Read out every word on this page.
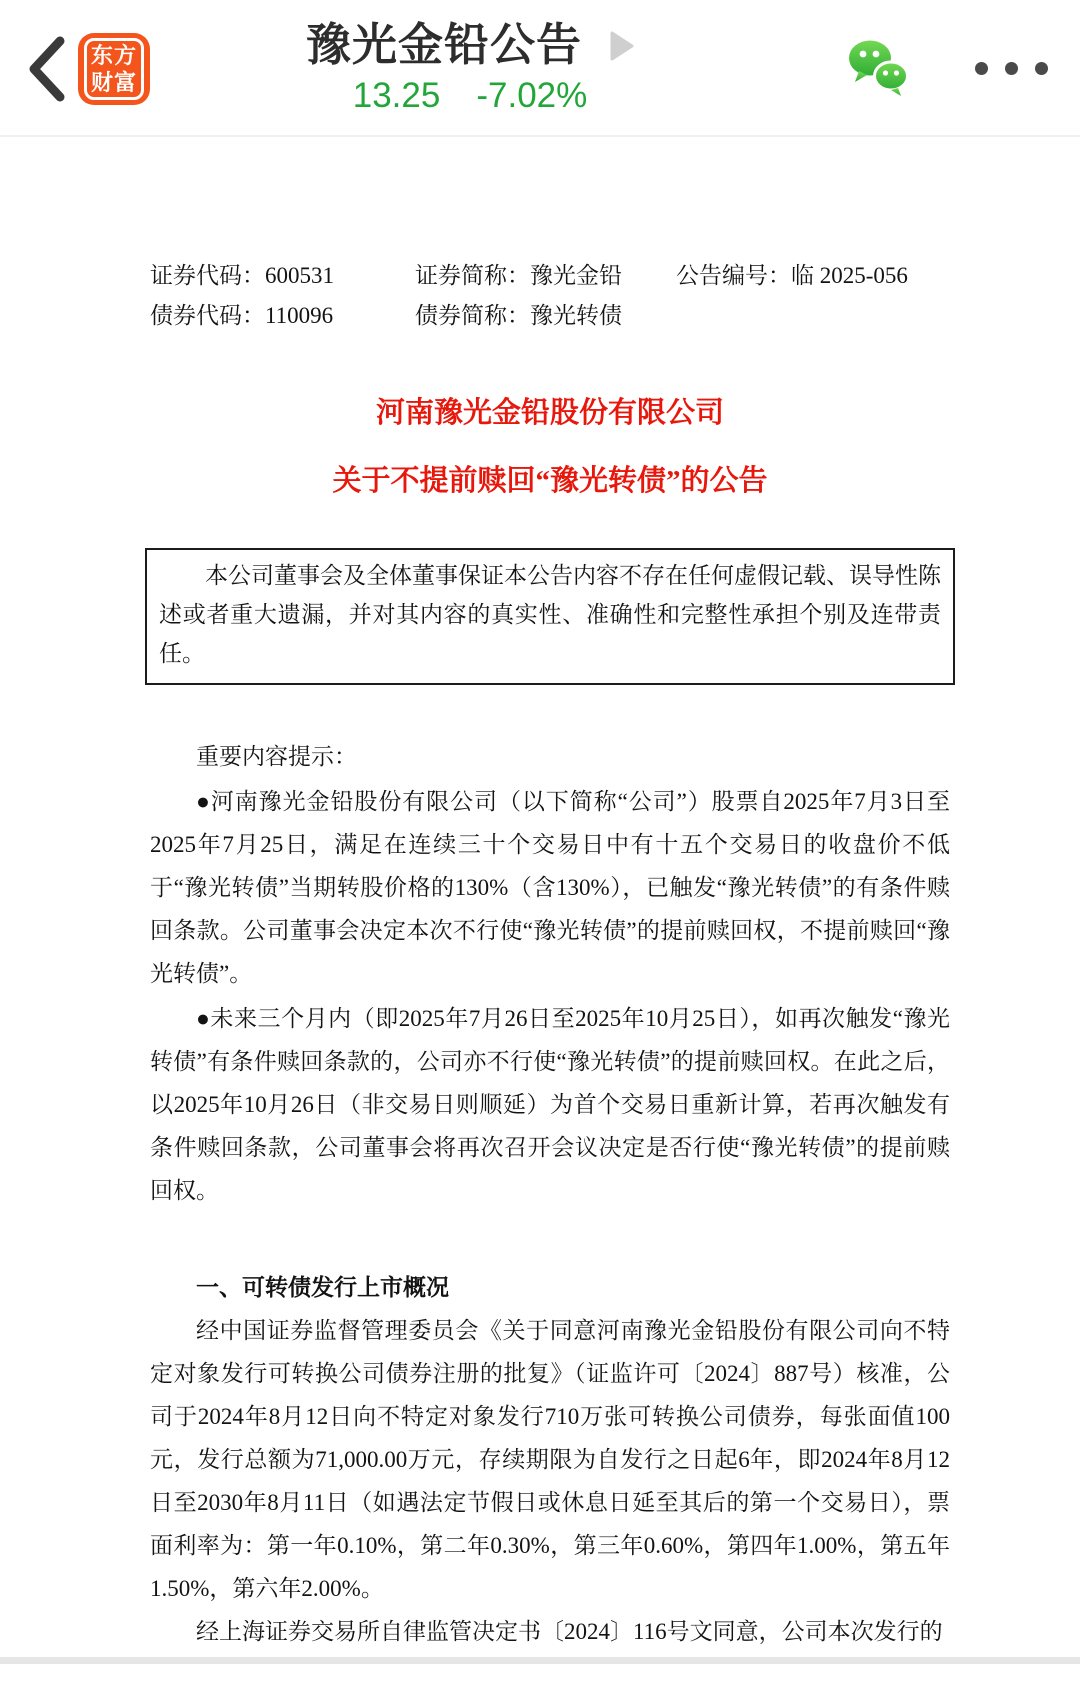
东方
财富
豫光金铅公告
13.25 -7.02%
证券代码：600531	证券简称：豫光金铅	公告编号：临 2025-056
债券代码：110096	债券简称：豫光转债
河南豫光金铅股份有限公司
关于不提前赎回“豫光转债”的公告

本公司董事会及全体董事保证本公告内容不存在任何虚假记载、误导性陈述或者重大遗漏，并对其内容的真实性、准确性和完整性承担个别及连带责任。

重要内容提示：

●河南豫光金铅股份有限公司（以下简称“公司”）股票自2025年7月3日至2025年7月25日，满足在连续三十个交易日中有十五个交易日的收盘价不低于“豫光转债”当期转股价格的130%（含130%），已触发“豫光转债”的有条件赎回条款。公司董事会决定本次不行使“豫光转债”的提前赎回权，不提前赎回“豫光转债”。

●未来三个月内（即2025年7月26日至2025年10月25日），如再次触发“豫光转债”有条件赎回条款的，公司亦不行使“豫光转债”的提前赎回权。在此之后，以2025年10月26日（非交易日则顺延）为首个交易日重新计算，若再次触发有条件赎回条款，公司董事会将再次召开会议决定是否行使“豫光转债”的提前赎回权。

一、可转债发行上市概况

经中国证券监督管理委员会《关于同意河南豫光金铅股份有限公司向不特定对象发行可转换公司债券注册的批复》（证监许可〔2024〕887号）核准，公司于2024年8月12日向不特定对象发行710万张可转换公司债券，每张面值100元，发行总额为71,000.00万元，存续期限为自发行之日起6年，即2024年8月12日至2030年8月11日（如遇法定节假日或休息日延至其后的第一个交易日），票面利率为：第一年0.10%，第二年0.30%，第三年0.60%，第四年1.00%，第五年1.50%，第六年2.00%。

经上海证券交易所自律监管决定书〔2024〕116号文同意，公司本次发行的
